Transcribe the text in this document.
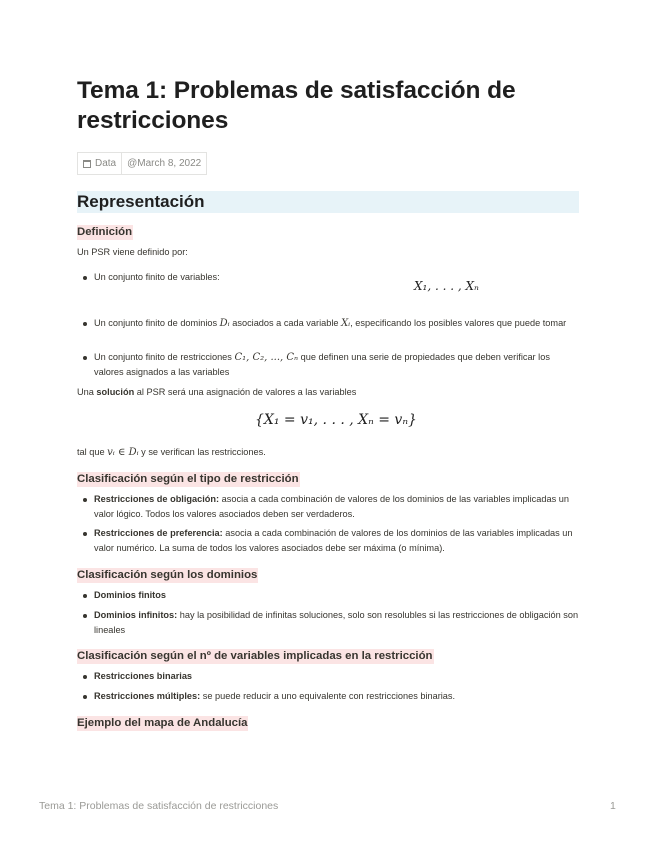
Tema 1: Problemas de satisfacción de restricciones
Data	@March 8, 2022
Representación
Definición
Un PSR viene definido por:
Un conjunto finito de variables:
X₁, . . . , Xₙ
Un conjunto finito de dominios Dᵢ asociados a cada variable Xᵢ, especificando los posibles valores que puede tomar
Un conjunto finito de restricciones C₁, C₂, ..., Cₙ que definen una serie de propiedades que deben verificar los valores asignados a las variables
Una solución al PSR será una asignación de valores a las variables
{X₁ = v₁, . . . , Xₙ = vₙ}
tal que vᵢ ∈ Dᵢ y se verifican las restricciones.
Clasificación según el tipo de restricción
Restricciones de obligación: asocia a cada combinación de valores de los dominios de las variables implicadas un valor lógico. Todos los valores asociados deben ser verdaderos.
Restricciones de preferencia: asocia a cada combinación de valores de los dominios de las variables implicadas un valor numérico. La suma de todos los valores asociados debe ser máxima (o mínima).
Clasificación según los dominios
Dominios finitos
Dominios infinitos: hay la posibilidad de infinitas soluciones, solo son resolubles si las restricciones de obligación son lineales
Clasificación según el nº de variables implicadas en la restricción
Restricciones binarias
Restricciones múltiples: se puede reducir a uno equivalente con restricciones binarias.
Ejemplo del mapa de Andalucía
Tema 1: Problemas de satisfacción de restricciones	1
